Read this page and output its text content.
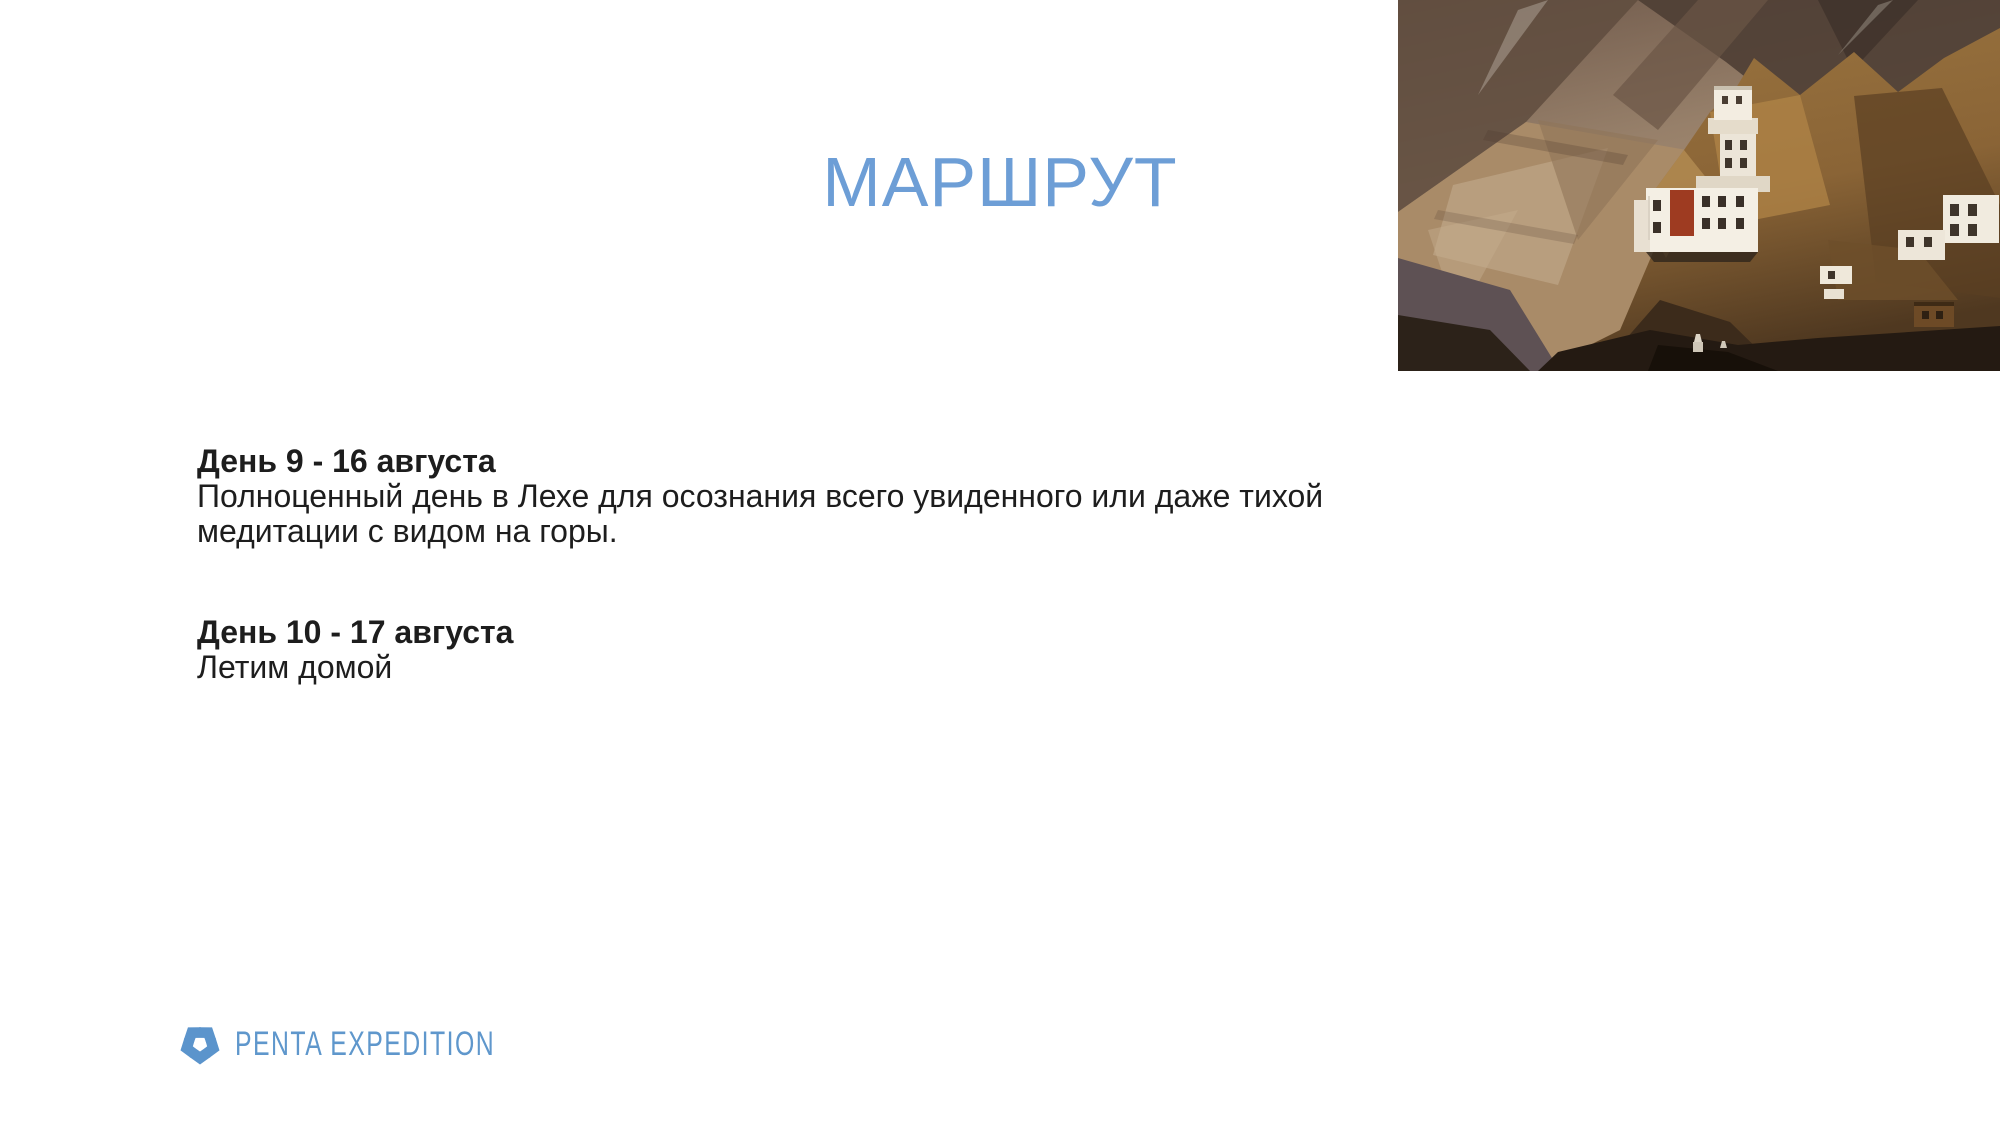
МАРШРУТ
День 9 - 16 августа
Полноценный день в Лехе для осознания всего увиденного или даже тихой
медитации с видом на горы.
День 10 - 17 августа
Летим домой
PENTA EXPEDITION
